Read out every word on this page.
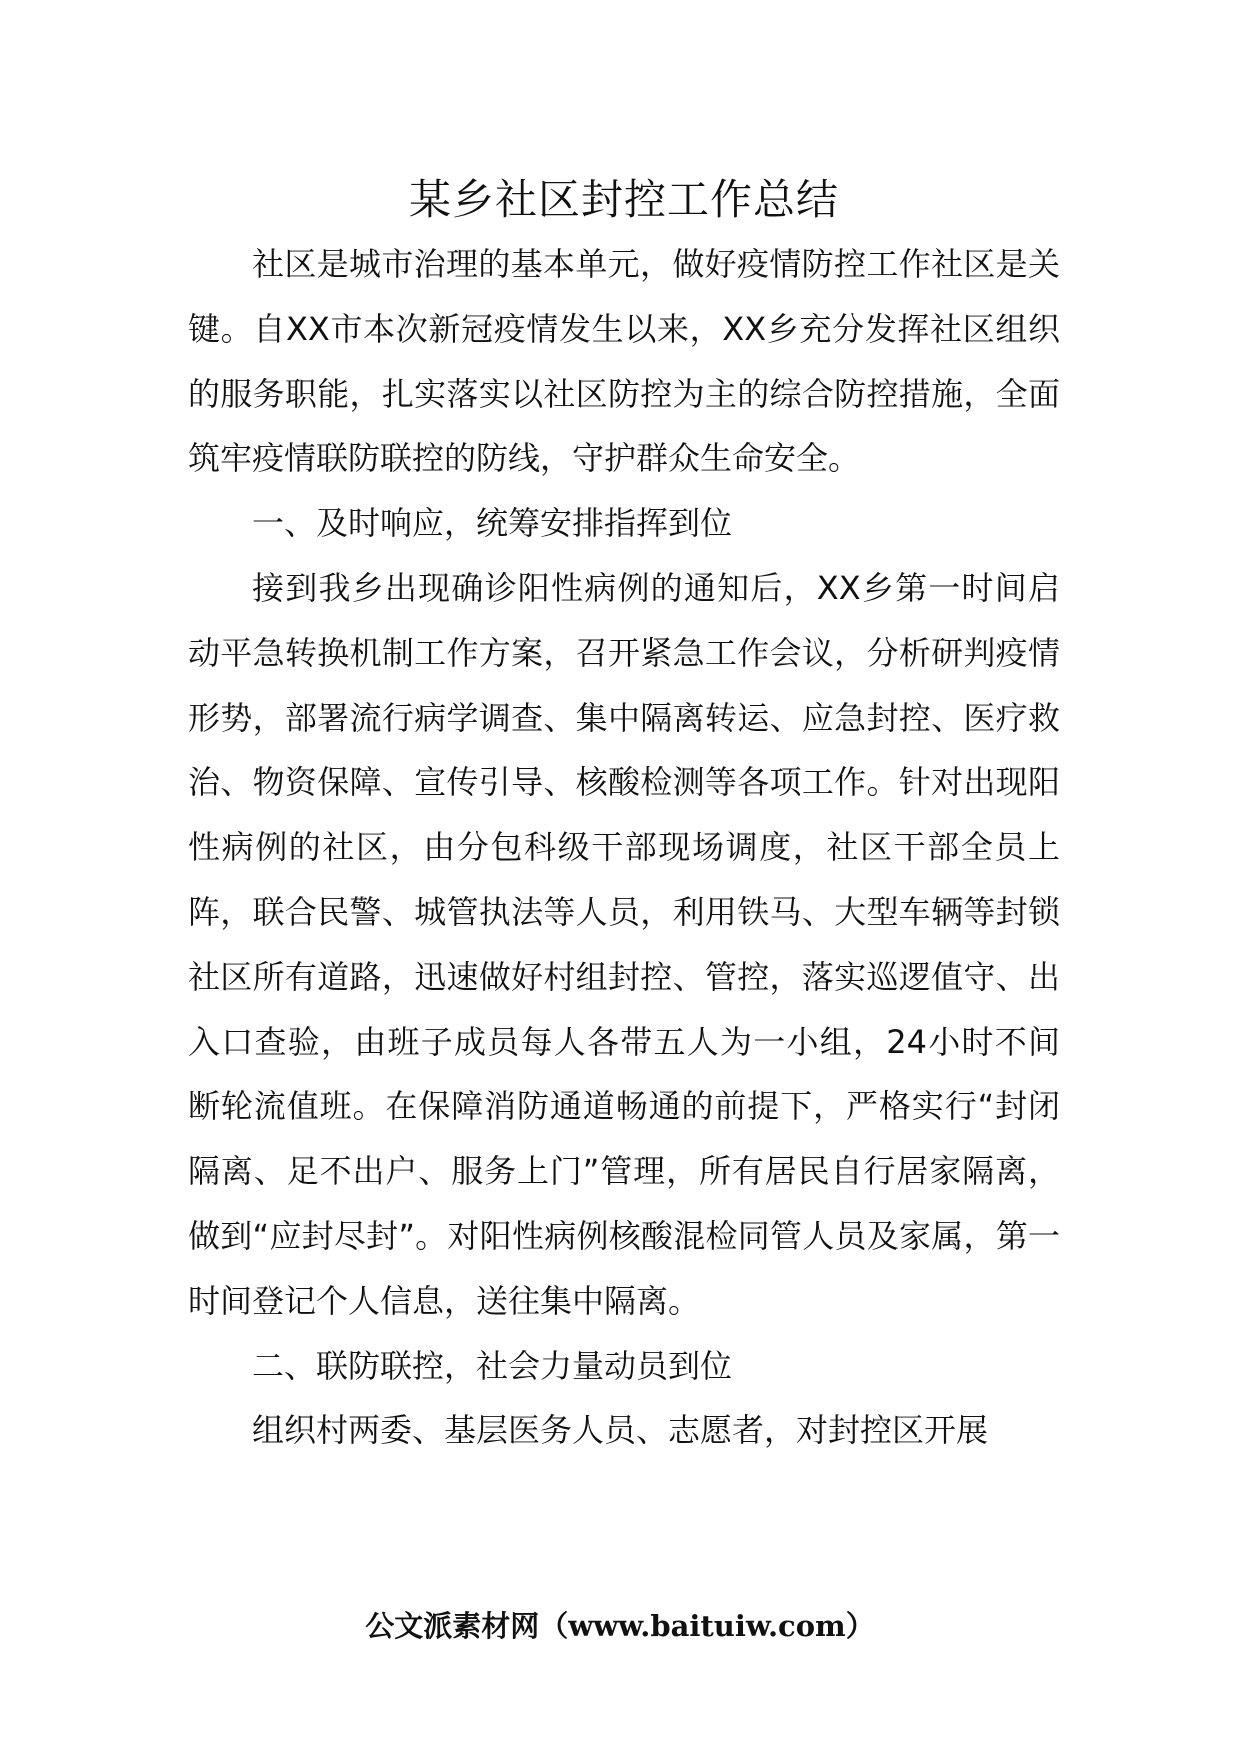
某乡社区封控工作总结

社区是城市治理的基本单元，做好疫情防控工作社区是关键。自XX市本次新冠疫情发生以来，XX乡充分发挥社区组织的服务职能，扎实落实以社区防控为主的综合防控措施，全面筑牢疫情联防联控的防线，守护群众生命安全。

一、及时响应，统筹安排指挥到位

接到我乡出现确诊阳性病例的通知后，XX乡第一时间启动平急转换机制工作方案，召开紧急工作会议，分析研判疫情形势，部署流行病学调查、集中隔离转运、应急封控、医疗救治、物资保障、宣传引导、核酸检测等各项工作。针对出现阳性病例的社区，由分包科级干部现场调度，社区干部全员上阵，联合民警、城管执法等人员，利用铁马、大型车辆等封锁社区所有道路，迅速做好村组封控、管控，落实巡逻值守、出入口查验，由班子成员每人各带五人为一小组，24小时不间断轮流值班。在保障消防通道畅通的前提下，严格实行“封闭隔离、足不出户、服务上门”管理，所有居民自行居家隔离，做到“应封尽封”。对阳性病例核酸混检同管人员及家属，第一时间登记个人信息，送往集中隔离。

二、联防联控，社会力量动员到位

组织村两委、基层医务人员、志愿者，对封控区开展

公文派素材网（www.baituiw.com）
